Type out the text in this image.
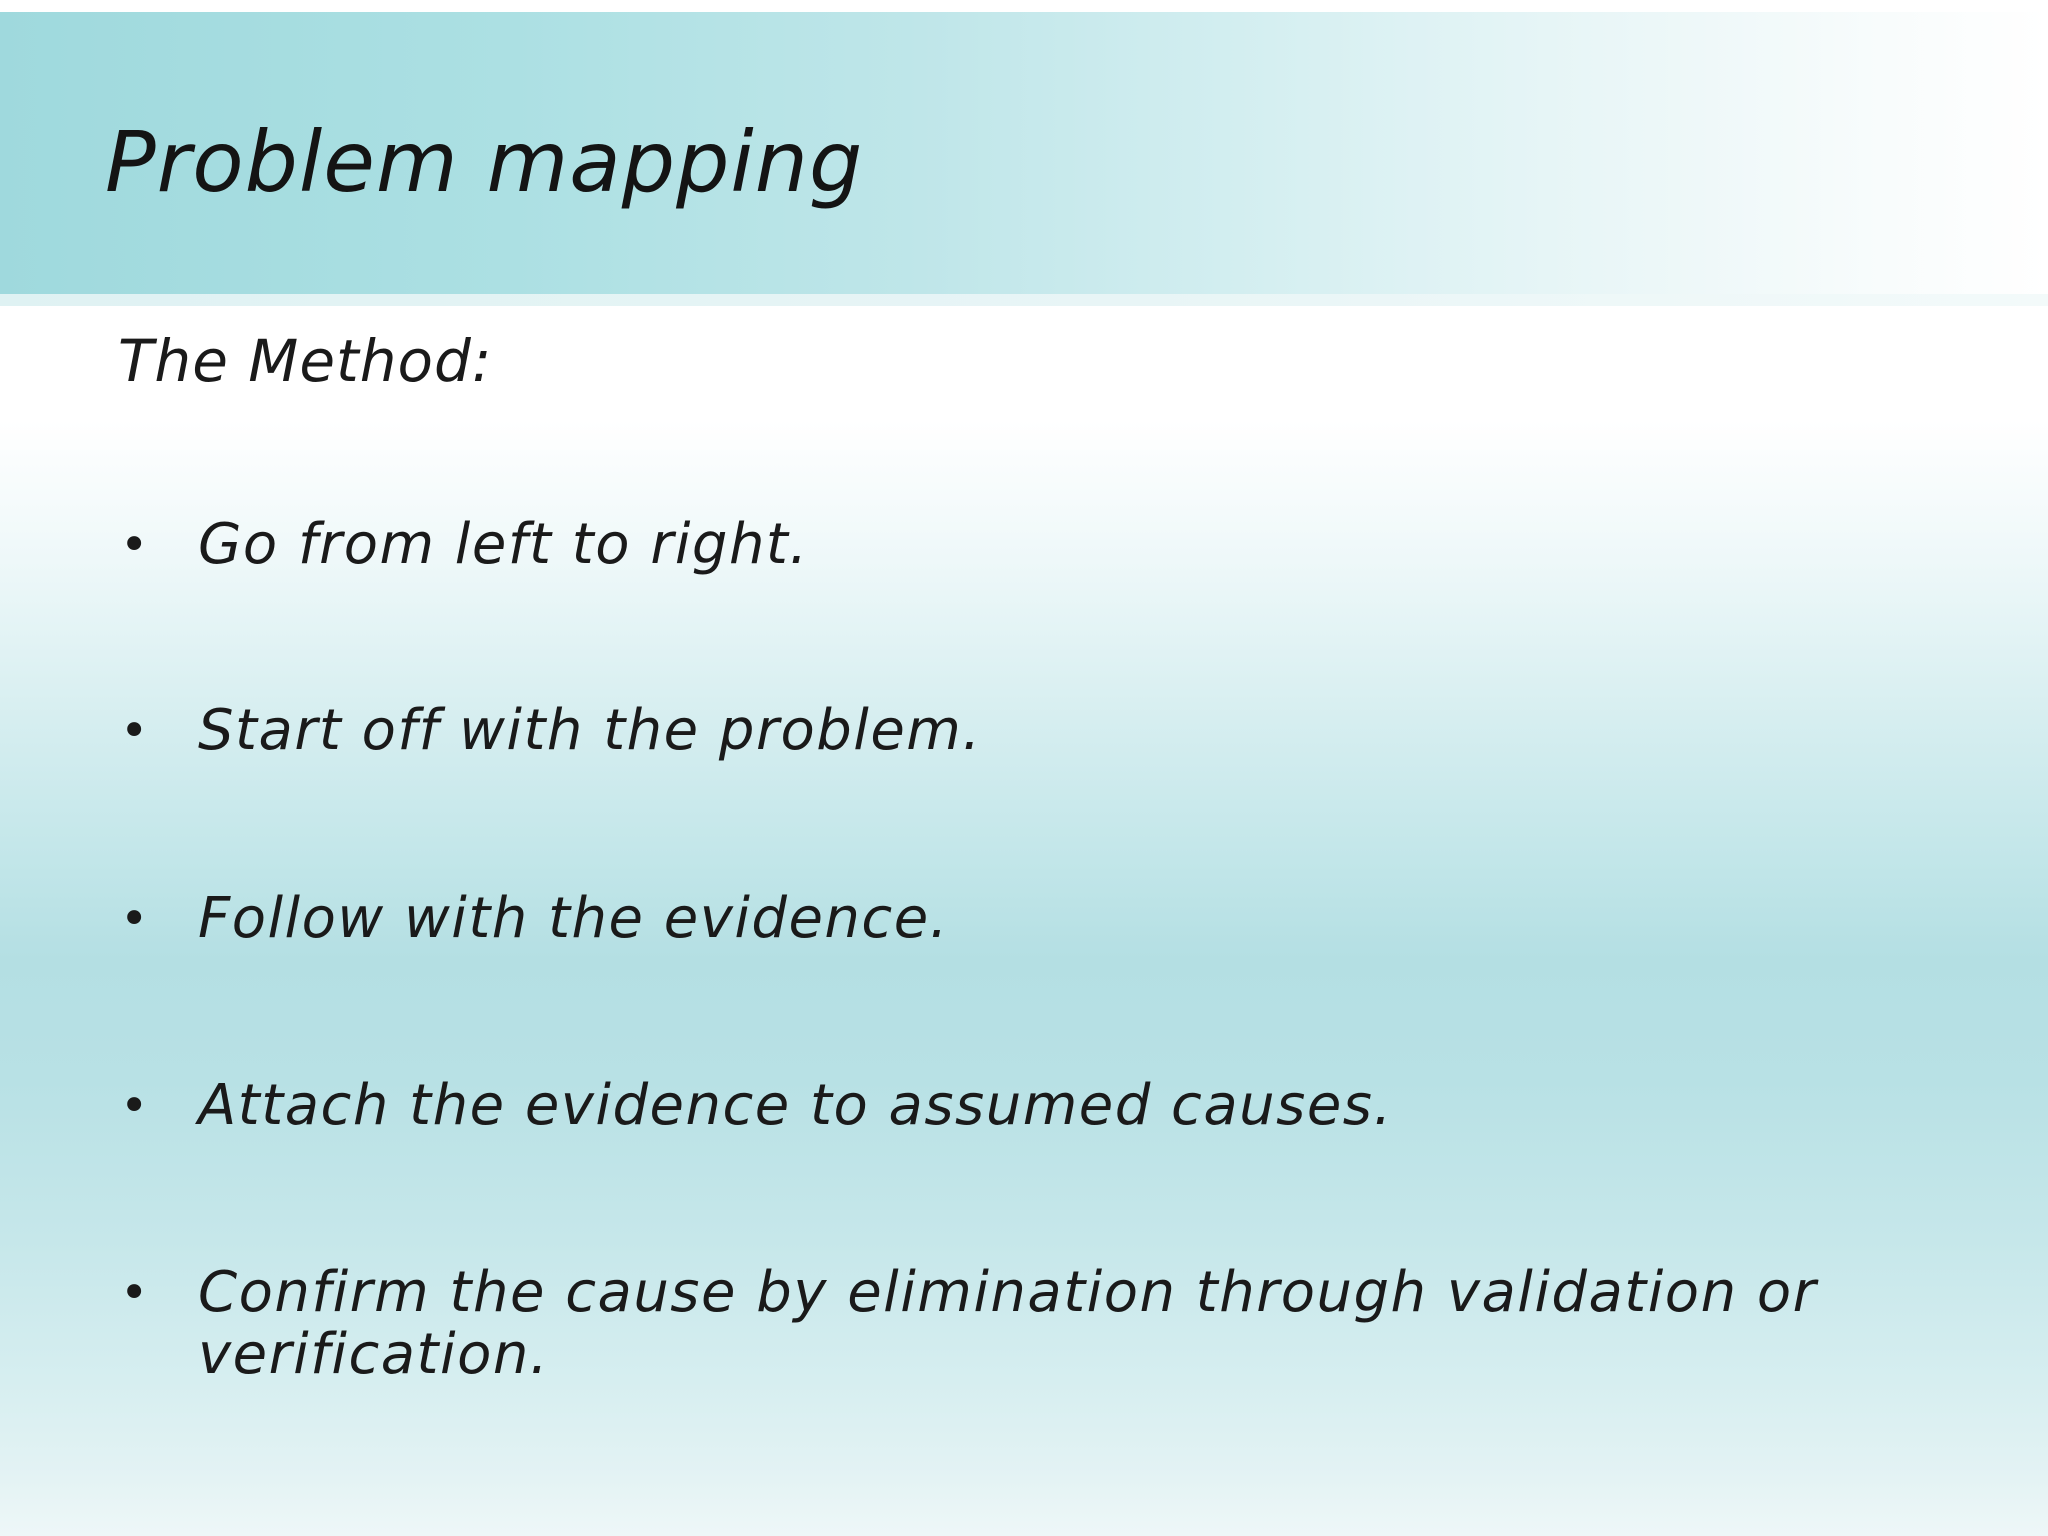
Problem mapping
The Method:
• Go from left to right.
• Start off with the problem.
• Follow with the evidence.
• Attach the evidence to assumed causes.
• Confirm the cause by elimination through validation or verification.
